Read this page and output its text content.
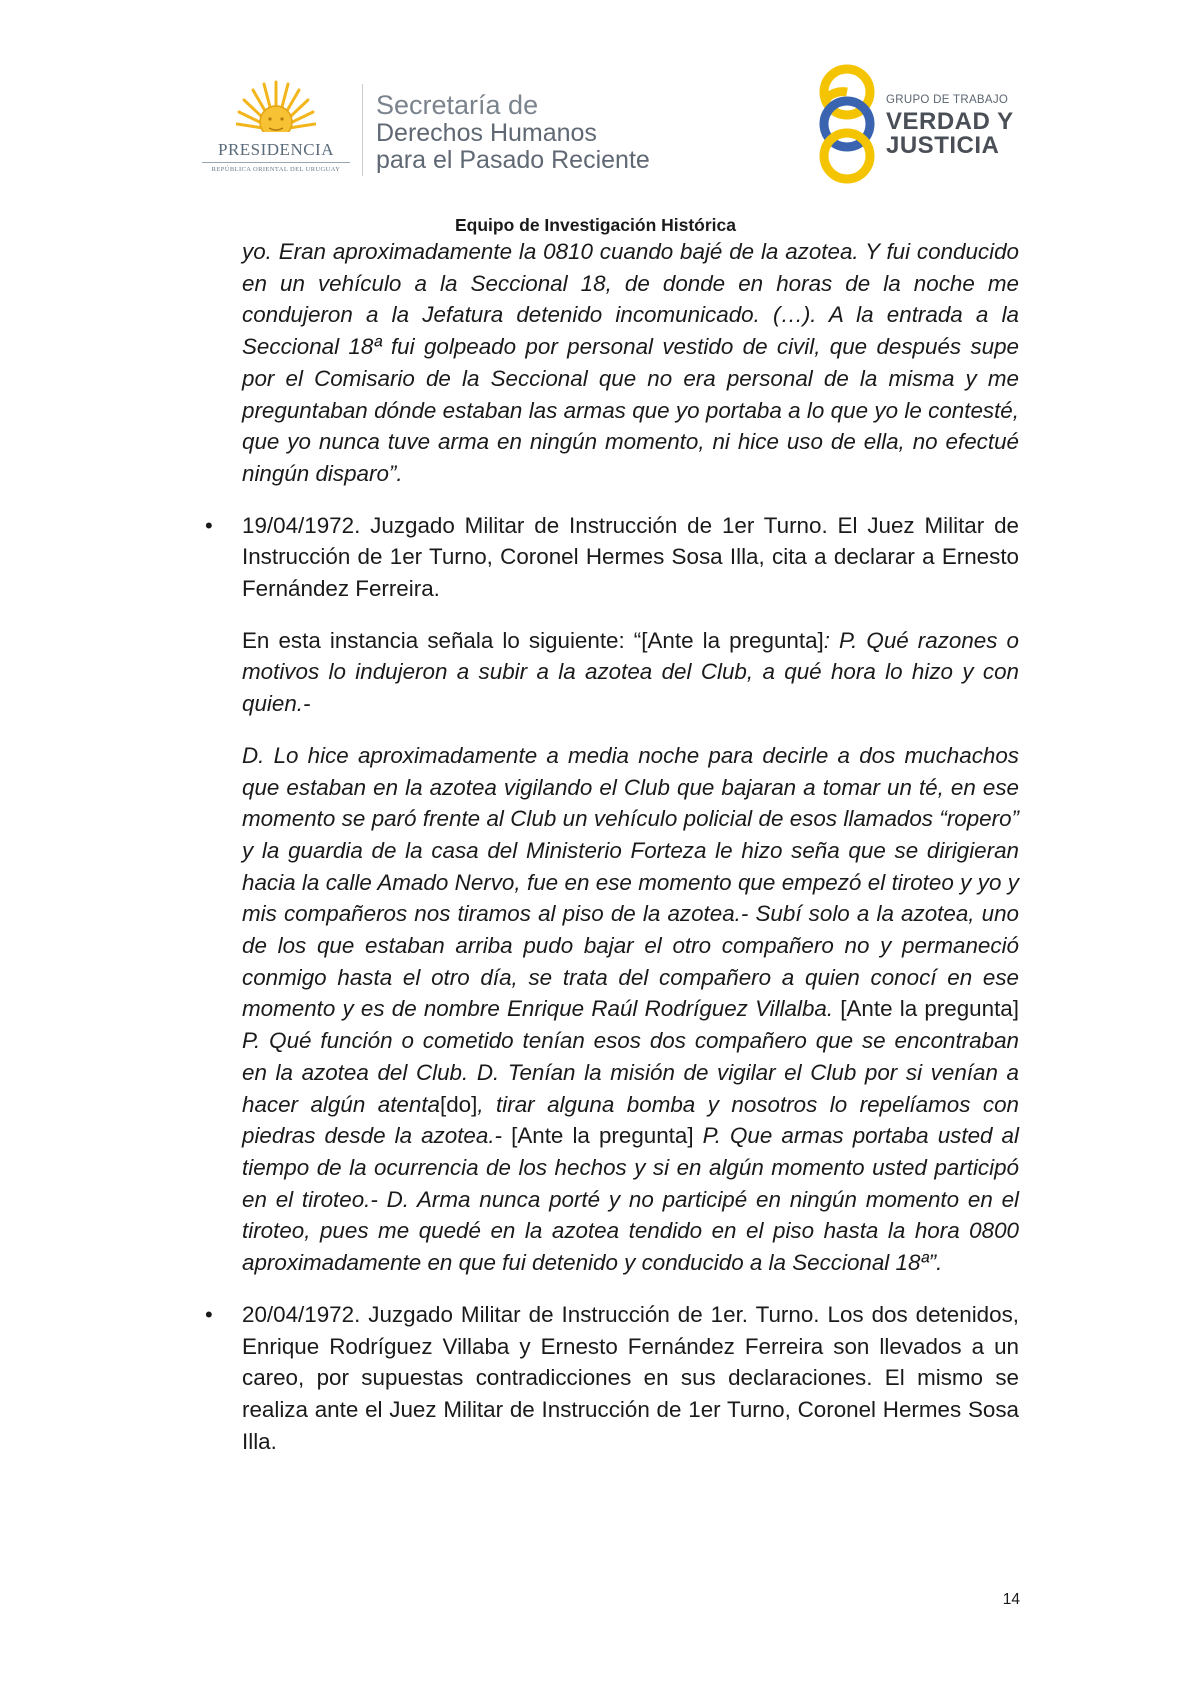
PRESIDENCIA
REPÚBLICA ORIENTAL DEL URUGUAY
Secretaría de
Derechos Humanos
para el Pasado Reciente
GRUPO DE TRABAJO
VERDAD Y
JUSTICIA
Equipo de Investigación Histórica

yo. Eran aproximadamente la 0810 cuando bajé de la azotea. Y fui conducido en un vehículo a la Seccional 18, de donde en horas de la noche me condujeron a la Jefatura detenido incomunicado. (…). A la entrada a la Seccional 18ª fui golpeado por personal vestido de civil, que después supe por el Comisario de la Seccional que no era personal de la misma y me preguntaban dónde estaban las armas que yo portaba a lo que yo le contesté, que yo nunca tuve arma en ningún momento, ni hice uso de ella, no efectué ningún disparo”.

• 19/04/1972. Juzgado Militar de Instrucción de 1er Turno. El Juez Militar de Instrucción de 1er Turno, Coronel Hermes Sosa Illa, cita a declarar a Ernesto Fernández Ferreira.

En esta instancia señala lo siguiente: “[Ante la pregunta]: P. Qué razones o motivos lo indujeron a subir a la azotea del Club, a qué hora lo hizo y con quien.-

D. Lo hice aproximadamente a media noche para decirle a dos muchachos que estaban en la azotea vigilando el Club que bajaran a tomar un té, en ese momento se paró frente al Club un vehículo policial de esos llamados “ropero” y la guardia de la casa del Ministerio Forteza le hizo seña que se dirigieran hacia la calle Amado Nervo, fue en ese momento que empezó el tiroteo y yo y mis compañeros nos tiramos al piso de la azotea.- Subí solo a la azotea, uno de los que estaban arriba pudo bajar el otro compañero no y permaneció conmigo hasta el otro día, se trata del compañero a quien conocí en ese momento y es de nombre Enrique Raúl Rodríguez Villalba. [Ante la pregunta] P. Qué función o cometido tenían esos dos compañero que se encontraban en la azotea del Club. D. Tenían la misión de vigilar el Club por si venían a hacer algún atenta[do], tirar alguna bomba y nosotros lo repelíamos con piedras desde la azotea.- [Ante la pregunta] P. Que armas portaba usted al tiempo de la ocurrencia de los hechos y si en algún momento usted participó en el tiroteo.- D. Arma nunca porté y no participé en ningún momento en el tiroteo, pues me quedé en la azotea tendido en el piso hasta la hora 0800 aproximadamente en que fui detenido y conducido a la Seccional 18ª”.

• 20/04/1972. Juzgado Militar de Instrucción de 1er. Turno. Los dos detenidos, Enrique Rodríguez Villaba y Ernesto Fernández Ferreira son llevados a un careo, por supuestas contradicciones en sus declaraciones. El mismo se realiza ante el Juez Militar de Instrucción de 1er Turno, Coronel Hermes Sosa Illa.
14
